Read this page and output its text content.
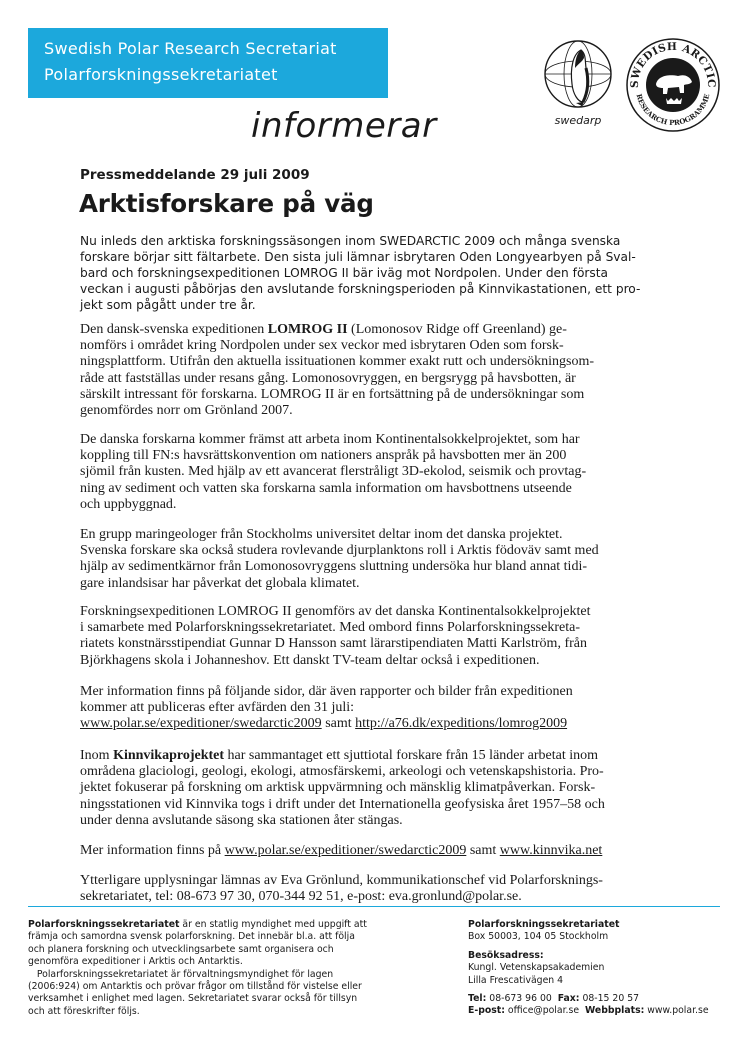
Swedish Polar Research Secretariat
Polarforskningssekretariatet
swedarp
SWEDISH ARCTIC
RESEARCH PROGRAMME
informerar
Pressmeddelande 29 juli 2009
Arktisforskare på väg
Nu inleds den arktiska forskningssäsongen inom SWEDARCTIC 2009 och många svenska
forskare börjar sitt fältarbete. Den sista juli lämnar isbrytaren Oden Longyearbyen på Sval-
bard och forskningsexpeditionen LOMROG II bär iväg mot Nordpolen. Under den första
veckan i augusti påbörjas den avslutande forskningsperioden på Kinnvikastationen, ett pro-
jekt som pågått under tre år.
Den dansk-svenska expeditionen LOMROG II (Lomonosov Ridge off Greenland) ge-
nomförs i området kring Nordpolen under sex veckor med isbrytaren Oden som forsk-
ningsplattform. Utifrån den aktuella issituationen kommer exakt rutt och undersökningsom-
råde att fastställas under resans gång. Lomonosovryggen, en bergsrygg på havsbotten, är
särskilt intressant för forskarna. LOMROG II är en fortsättning på de undersökningar som
genomfördes norr om Grönland 2007.
De danska forskarna kommer främst att arbeta inom Kontinentalsokkelprojektet, som har
koppling till FN:s havsrättskonvention om nationers anspråk på havsbotten mer än 200
sjömil från kusten. Med hjälp av ett avancerat flerstråligt 3D-ekolod, seismik och provtag-
ning av sediment och vatten ska forskarna samla information om havsbottnens utseende
och uppbyggnad.
En grupp maringeologer från Stockholms universitet deltar inom det danska projektet.
Svenska forskare ska också studera rovlevande djurplanktons roll i Arktis födoväv samt med
hjälp av sedimentkärnor från Lomonosovryggens sluttning undersöka hur bland annat tidi-
gare inlandsisar har påverkat det globala klimatet.
Forskningsexpeditionen LOMROG II genomförs av det danska Kontinentalsokkelprojektet
i samarbete med Polarforskningssekretariatet. Med ombord finns Polarforskningssekreta-
riatets konstnärsstipendiat Gunnar D Hansson samt lärarstipendiaten Matti Karlström, från
Björkhagens skola i Johanneshov. Ett danskt TV-team deltar också i expeditionen.
Mer information finns på följande sidor, där även rapporter och bilder från expeditionen
kommer att publiceras efter avfärden den 31 juli:
www.polar.se/expeditioner/swedarctic2009 samt http://a76.dk/expeditions/lomrog2009
Inom Kinnvikaprojektet har sammantaget ett sjuttiotal forskare från 15 länder arbetat inom
områdena glaciologi, geologi, ekologi, atmosfärskemi, arkeologi och vetenskapshistoria. Pro-
jektet fokuserar på forskning om arktisk uppvärmning och mänsklig klimatpåverkan. Forsk-
ningsstationen vid Kinnvika togs i drift under det Internationella geofysiska året 1957–58 och
under denna avslutande säsong ska stationen åter stängas.
Mer information finns på www.polar.se/expeditioner/swedarctic2009 samt www.kinnvika.net
Ytterligare upplysningar lämnas av Eva Grönlund, kommunikationschef vid Polarforsknings-
sekretariatet, tel: 08-673 97 30, 070-344 92 51, e-post: eva.gronlund@polar.se.
Polarforskningssekretariatet är en statlig myndighet med uppgift att
främja och samordna svensk polarforskning. Det innebär bl.a. att följa
och planera forskning och utvecklingsarbete samt organisera och
genomföra expeditioner i Arktis och Antarktis.
Polarforskningssekretariatet är förvaltningsmyndighet för lagen
(2006:924) om Antarktis och prövar frågor om tillstånd för vistelse eller
verksamhet i enlighet med lagen. Sekretariatet svarar också för tillsyn
och att föreskrifter följs.
Polarforskningssekretariatet
Box 50003, 104 05 Stockholm
Besöksadress:
Kungl. Vetenskapsakademien
Lilla Frescativägen 4
Tel: 08-673 96 00  Fax: 08-15 20 57
E-post: office@polar.se  Webbplats: www.polar.se
